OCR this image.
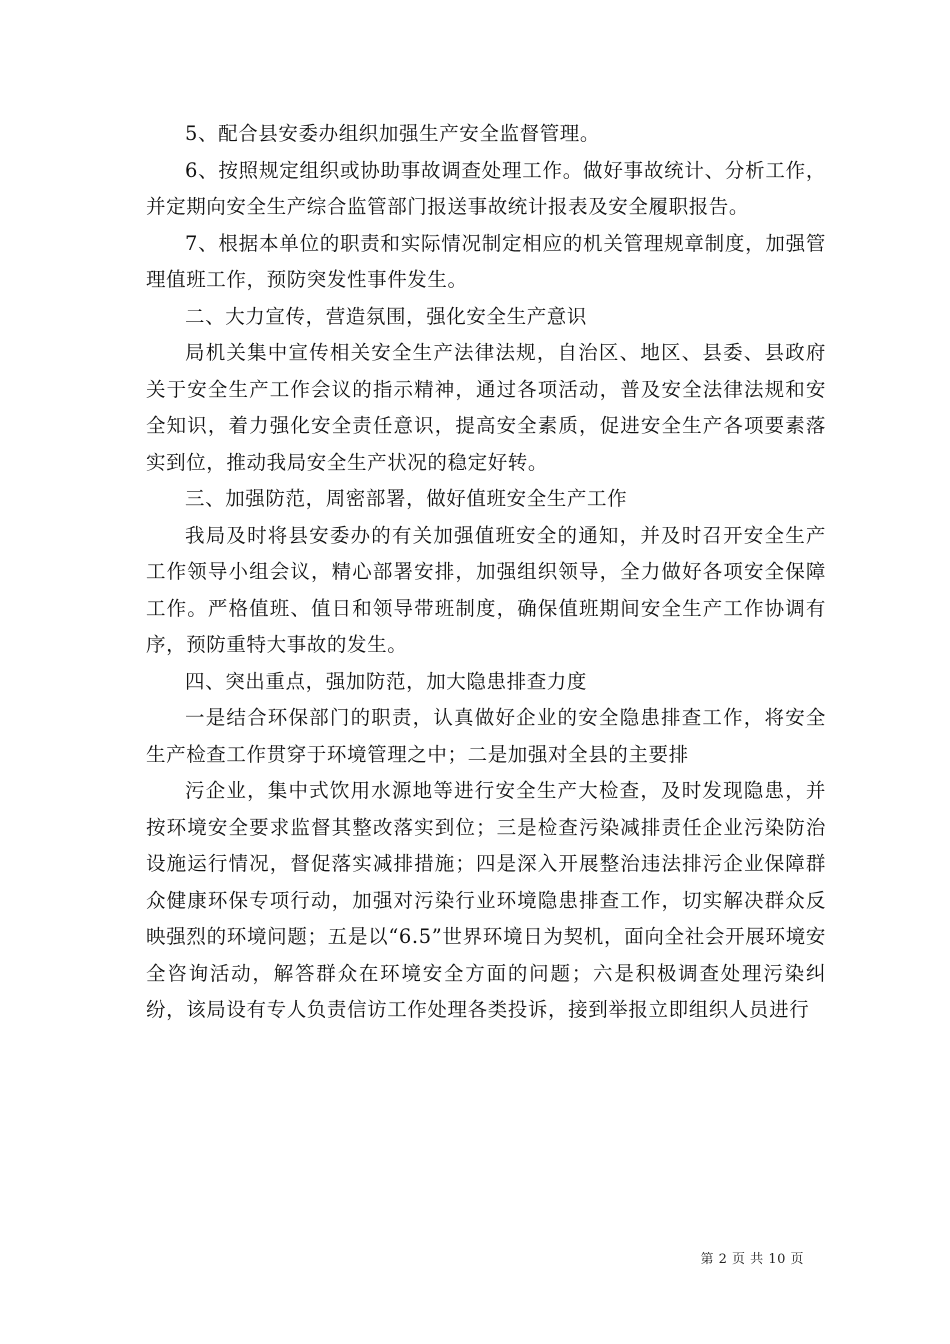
5、配合县安委办组织加强生产安全监督管理。

6、按照规定组织或协助事故调查处理工作。做好事故统计、分析工作，并定期向安全生产综合监管部门报送事故统计报表及安全履职报告。

7、根据本单位的职责和实际情况制定相应的机关管理规章制度，加强管理值班工作，预防突发性事件发生。

二、大力宣传，营造氛围，强化安全生产意识

局机关集中宣传相关安全生产法律法规，自治区、地区、县委、县政府关于安全生产工作会议的指示精神，通过各项活动，普及安全法律法规和安全知识，着力强化安全责任意识，提高安全素质，促进安全生产各项要素落实到位，推动我局安全生产状况的稳定好转。

三、加强防范，周密部署，做好值班安全生产工作

我局及时将县安委办的有关加强值班安全的通知，并及时召开安全生产工作领导小组会议，精心部署安排，加强组织领导，全力做好各项安全保障工作。严格值班、值日和领导带班制度，确保值班期间安全生产工作协调有序，预防重特大事故的发生。

四、突出重点，强加防范，加大隐患排查力度

一是结合环保部门的职责，认真做好企业的安全隐患排查工作，将安全生产检查工作贯穿于环境管理之中；二是加强对全县的主要排

污企业，集中式饮用水源地等进行安全生产大检查，及时发现隐患，并按环境安全要求监督其整改落实到位；三是检查污染减排责任企业污染防治设施运行情况，督促落实减排措施；四是深入开展整治违法排污企业保障群众健康环保专项行动，加强对污染行业环境隐患排查工作，切实解决群众反映强烈的环境问题；五是以“6.5”世界环境日为契机，面向全社会开展环境安全咨询活动，解答群众在环境安全方面的问题；六是积极调查处理污染纠纷，该局设有专人负责信访工作处理各类投诉，接到举报立即组织人员进行

第 2 页 共 10 页
